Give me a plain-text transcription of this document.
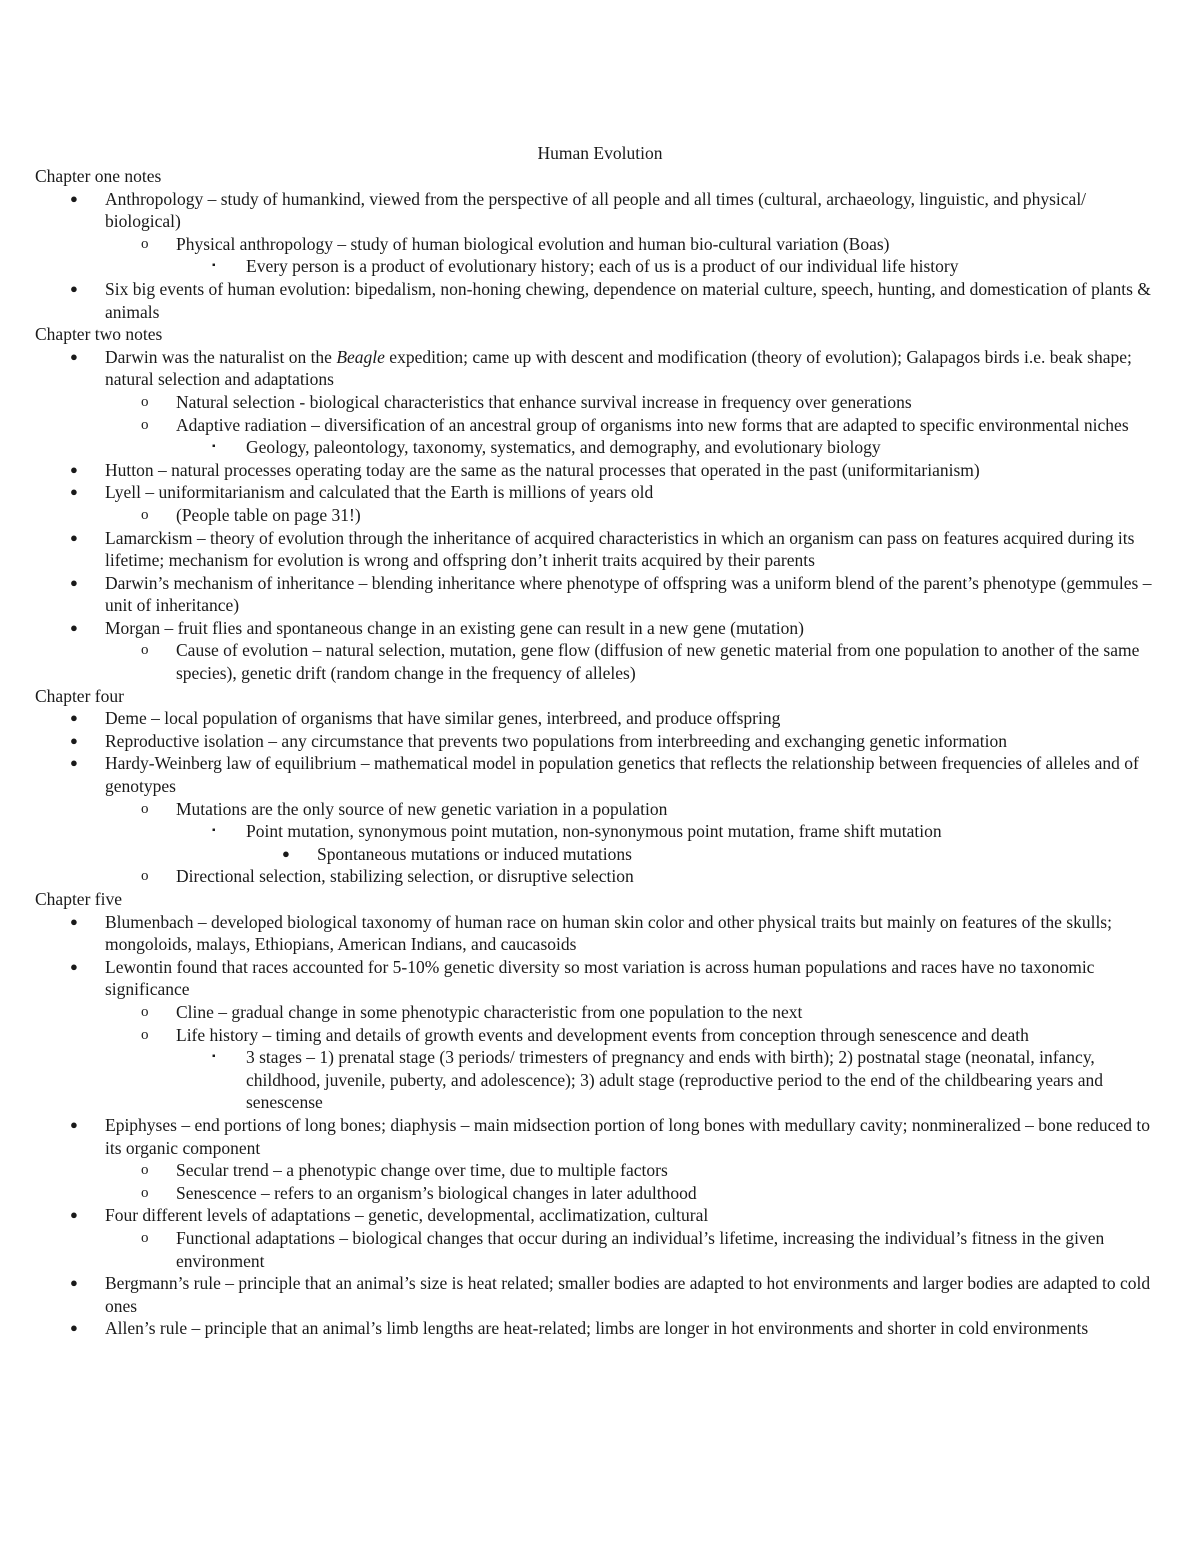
Human Evolution
Chapter one notes
● Anthropology – study of humankind, viewed from the perspective of all people and all times (cultural, archaeology, linguistic, and physical/ biological)
o Physical anthropology – study of human biological evolution and human bio-cultural variation (Boas)
▪ Every person is a product of evolutionary history; each of us is a product of our individual life history
● Six big events of human evolution: bipedalism, non-honing chewing, dependence on material culture, speech, hunting, and domestication of plants & animals
Chapter two notes
● Darwin was the naturalist on the Beagle expedition; came up with descent and modification (theory of evolution); Galapagos birds i.e. beak shape; natural selection and adaptations
o Natural selection - biological characteristics that enhance survival increase in frequency over generations
o Adaptive radiation – diversification of an ancestral group of organisms into new forms that are adapted to specific environmental niches
▪ Geology, paleontology, taxonomy, systematics, and demography, and evolutionary biology
● Hutton – natural processes operating today are the same as the natural processes that operated in the past (uniformitarianism)
● Lyell – uniformitarianism and calculated that the Earth is millions of years old
o (People table on page 31!)
● Lamarckism – theory of evolution through the inheritance of acquired characteristics in which an organism can pass on features acquired during its lifetime; mechanism for evolution is wrong and offspring don’t inherit traits acquired by their parents
● Darwin’s mechanism of inheritance – blending inheritance where phenotype of offspring was a uniform blend of the parent’s phenotype (gemmules – unit of inheritance)
● Morgan – fruit flies and spontaneous change in an existing gene can result in a new gene (mutation)
o Cause of evolution – natural selection, mutation, gene flow (diffusion of new genetic material from one population to another of the same species), genetic drift (random change in the frequency of alleles)
Chapter four
● Deme – local population of organisms that have similar genes, interbreed, and produce offspring
● Reproductive isolation – any circumstance that prevents two populations from interbreeding and exchanging genetic information
● Hardy-Weinberg law of equilibrium – mathematical model in population genetics that reflects the relationship between frequencies of alleles and of genotypes
o Mutations are the only source of new genetic variation in a population
▪ Point mutation, synonymous point mutation, non-synonymous point mutation, frame shift mutation
● Spontaneous mutations or induced mutations
o Directional selection, stabilizing selection, or disruptive selection
Chapter five
● Blumenbach – developed biological taxonomy of human race on human skin color and other physical traits but mainly on features of the skulls; mongoloids, malays, Ethiopians, American Indians, and caucasoids
● Lewontin found that races accounted for 5-10% genetic diversity so most variation is across human populations and races have no taxonomic significance
o Cline – gradual change in some phenotypic characteristic from one population to the next
o Life history – timing and details of growth events and development events from conception through senescence and death
▪ 3 stages – 1) prenatal stage (3 periods/ trimesters of pregnancy and ends with birth); 2) postnatal stage (neonatal, infancy, childhood, juvenile, puberty, and adolescence); 3) adult stage (reproductive period to the end of the childbearing years and senescense
● Epiphyses – end portions of long bones; diaphysis – main midsection portion of long bones with medullary cavity; nonmineralized – bone reduced to its organic component
o Secular trend – a phenotypic change over time, due to multiple factors
o Senescence – refers to an organism’s biological changes in later adulthood
● Four different levels of adaptations – genetic, developmental, acclimatization, cultural
o Functional adaptations – biological changes that occur during an individual’s lifetime, increasing the individual’s fitness in the given environment
● Bergmann’s rule – principle that an animal’s size is heat related; smaller bodies are adapted to hot environments and larger bodies are adapted to cold ones
● Allen’s rule – principle that an animal’s limb lengths are heat-related; limbs are longer in hot environments and shorter in cold environments
